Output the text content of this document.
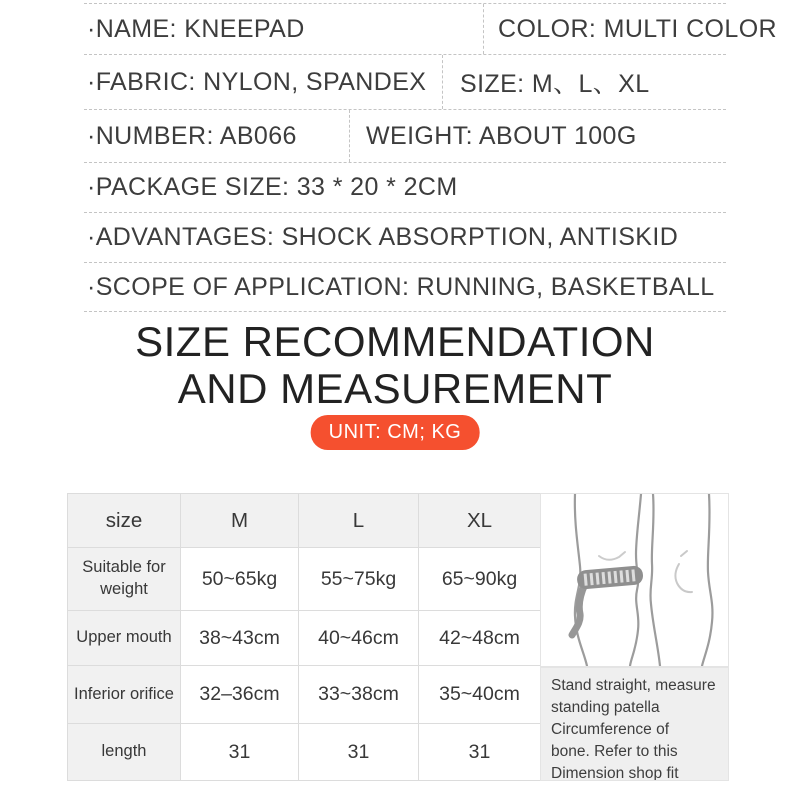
·NAME: KNEEPAD	COLOR: MULTI COLOR
·FABRIC: NYLON, SPANDEX	SIZE: M、L、XL
·NUMBER: AB066	WEIGHT: ABOUT 100G
·PACKAGE SIZE: 33 * 20 * 2CM
·ADVANTAGES: SHOCK ABSORPTION, ANTISKID
·SCOPE OF APPLICATION: RUNNING, BASKETBALL
SIZE RECOMMENDATION
AND MEASUREMENT
UNIT: CM; KG
size	M	L	XL
Suitable for weight	50~65kg	55~75kg	65~90kg
Upper mouth	38~43cm	40~46cm	42~48cm
Inferior orifice	32–36cm	33~38cm	35~40cm
length	31	31	31
Stand straight, measure
standing patella
Circumference of
bone. Refer to this
Dimension shop fit
